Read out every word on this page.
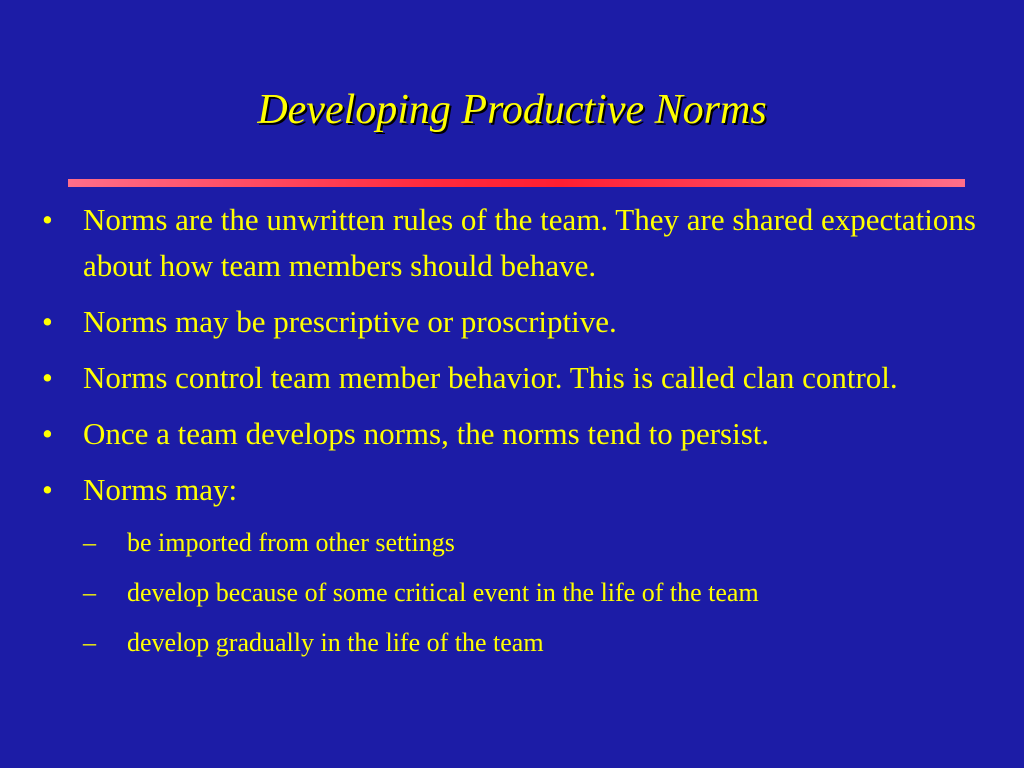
Developing Productive Norms
• Norms are the unwritten rules of the team. They are shared expectations about how team members should behave.
• Norms may be prescriptive or proscriptive.
• Norms control team member behavior. This is called clan control.
• Once a team develops norms, the norms tend to persist.
• Norms may:
–	be imported from other settings
–	develop because of some critical event in the life of the team
–	develop gradually in the life of the team
